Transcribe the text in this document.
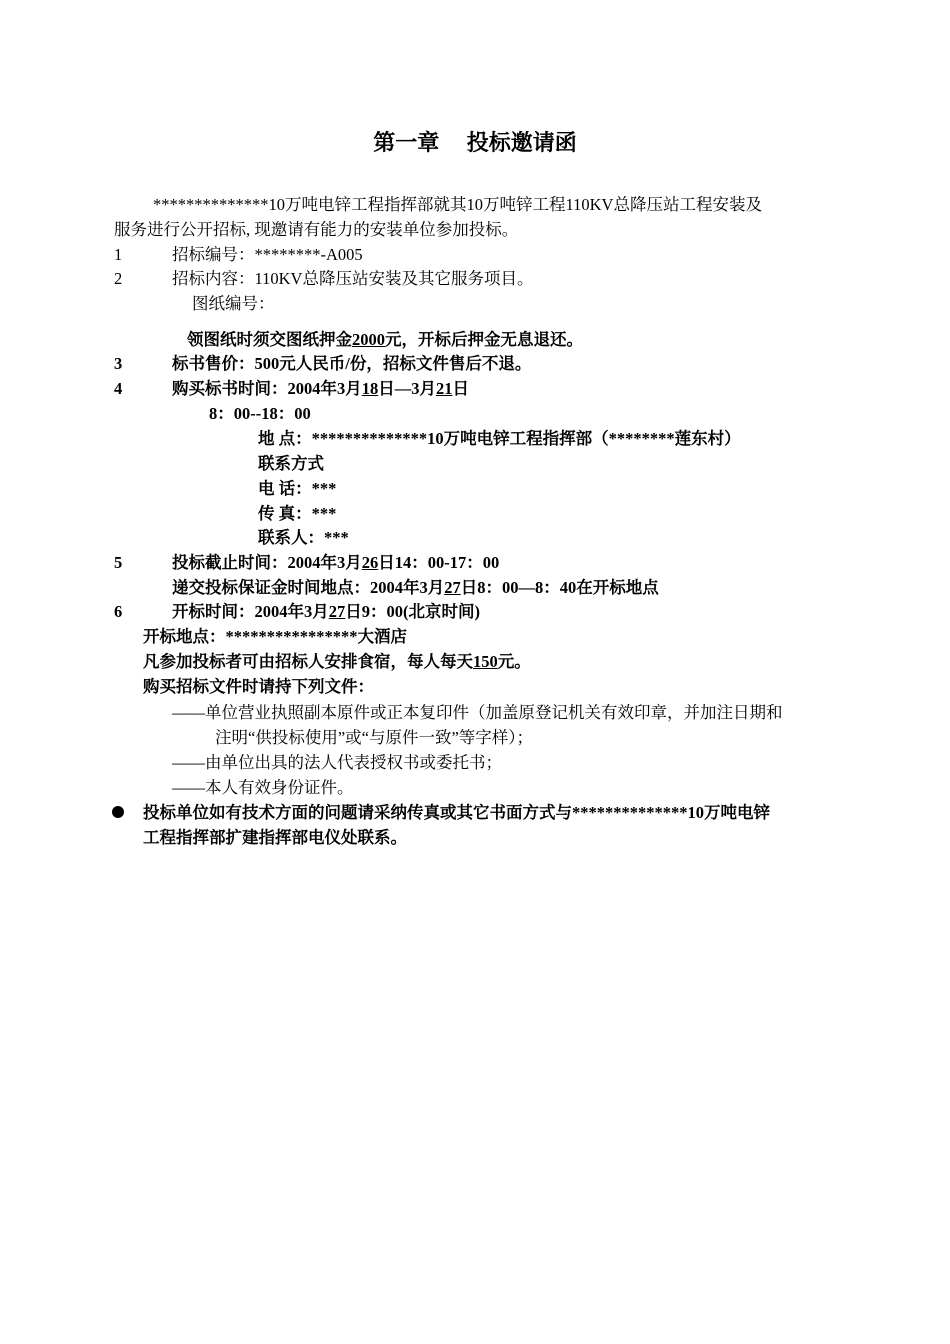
第一章     投标邀请函
**************10万吨电锌工程指挥部就其10万吨锌工程110KV总降压站工程安装及
服务进行公开招标, 现邀请有能力的安装单位参加投标。
1	招标编号：********-A005
2	招标内容：110KV总降压站安装及其它服务项目。
图纸编号：
领图纸时须交图纸押金2000元，开标后押金无息退还。
3	标书售价：500元人民币/份，招标文件售后不退。
4	购买标书时间：2004年3月18日—3月21日
8：00--18：00
地 点：**************10万吨电锌工程指挥部（********莲东村）
联系方式
电 话：***
传 真：***
联系人：***
5	投标截止时间：2004年3月26日14：00-17：00
递交投标保证金时间地点：2004年3月27日8：00—8：40在开标地点
6	开标时间：2004年3月27日9：00(北京时间)
开标地点：****************大酒店
凡参加投标者可由招标人安排食宿，每人每天150元。
购买招标文件时请持下列文件：
——单位营业执照副本原件或正本复印件（加盖原登记机关有效印章，并加注日期和
注明“供投标使用”或“与原件一致”等字样）；
——由单位出具的法人代表授权书或委托书；
——本人有效身份证件。
投标单位如有技术方面的问题请采纳传真或其它书面方式与**************10万吨电锌
工程指挥部扩建指挥部电仪处联系。
